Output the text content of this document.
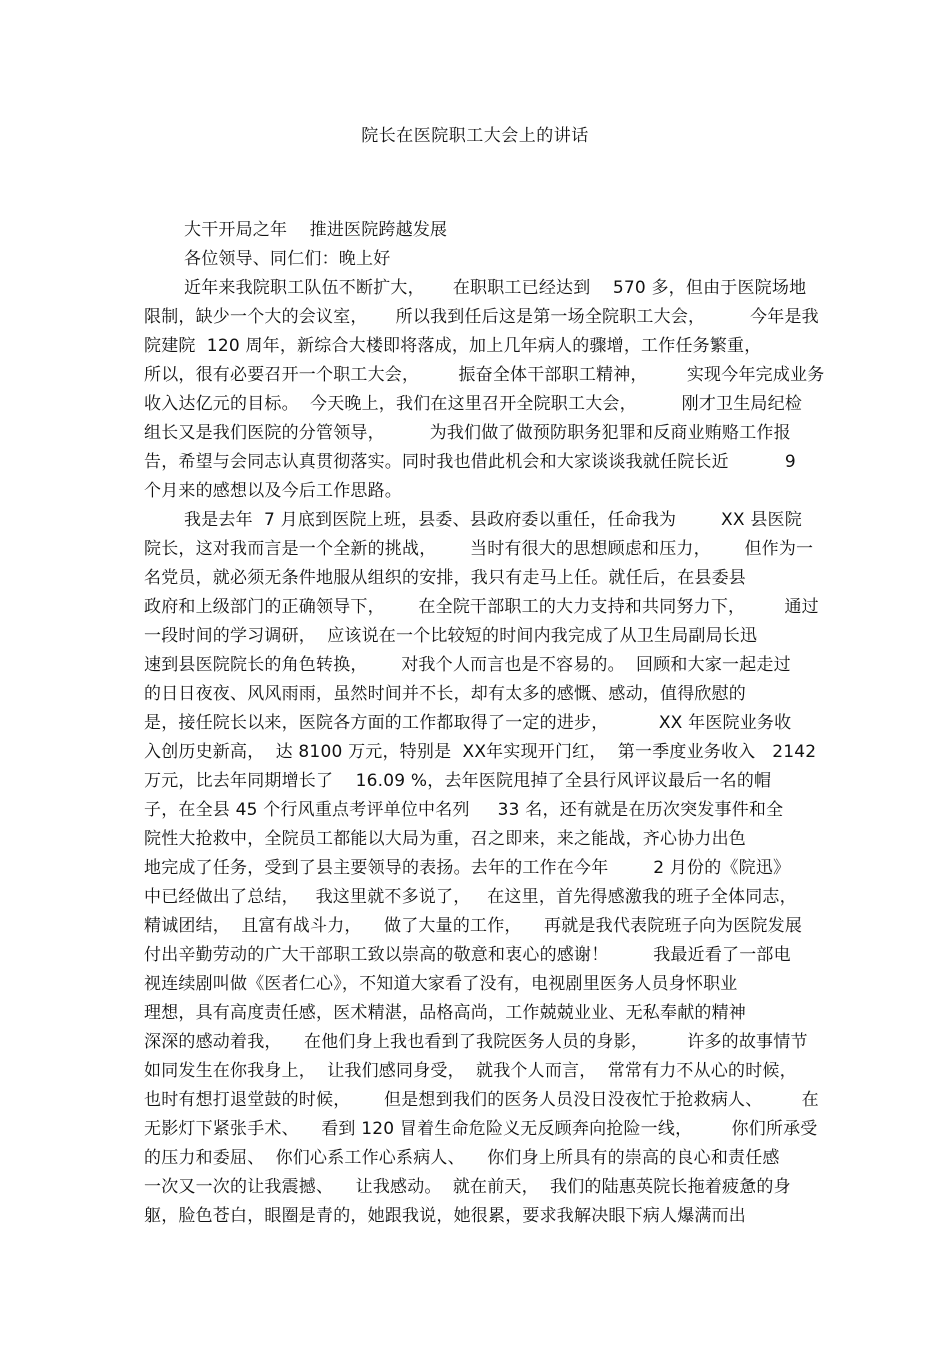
院长在医院职工大会上的讲话
大干开局之年    推进医院跨越发展
各位领导、同仁们：晚上好
近年来我院职工队伍不断扩大，     在职职工已经达到    570 多，但由于医院场地
限制，缺少一个大的会议室，     所以我到任后这是第一场全院职工大会，        今年是我
院建院  120 周年，新综合大楼即将落成，加上几年病人的骤增，工作任务繁重，
所以，很有必要召开一个职工大会，       振奋全体干部职工精神，       实现今年完成业务
收入达亿元的目标。  今天晚上，我们在这里召开全院职工大会，        刚才卫生局纪检
组长又是我们医院的分管领导，        为我们做了做预防职务犯罪和反商业贿赂工作报
告，希望与会同志认真贯彻落实。同时我也借此机会和大家谈谈我就任院长近          9
个月来的感想以及今后工作思路。
我是去年  7 月底到医院上班，县委、县政府委以重任，任命我为        XX 县医院
院长，这对我而言是一个全新的挑战，      当时有很大的思想顾虑和压力，      但作为一
名党员，就必须无条件地服从组织的安排，我只有走马上任。就任后，在县委县
政府和上级部门的正确领导下，      在全院干部职工的大力支持和共同努力下，       通过
一段时间的学习调研，  应该说在一个比较短的时间内我完成了从卫生局副局长迅
速到县医院院长的角色转换，      对我个人而言也是不容易的。  回顾和大家一起走过
的日日夜夜、风风雨雨，虽然时间并不长，却有太多的感慨、感动，值得欣慰的
是，接任院长以来，医院各方面的工作都取得了一定的进步，         XX 年医院业务收
入创历史新高，  达 8100 万元，特别是  XX年实现开门红，  第一季度业务收入   2142
万元，比去年同期增长了    16.09 %，去年医院甩掉了全县行风评议最后一名的帽
子，在全县 45 个行风重点考评单位中名列     33 名，还有就是在历次突发事件和全
院性大抢救中，全院员工都能以大局为重，召之即来，来之能战，齐心协力出色
地完成了任务，受到了县主要领导的表扬。去年的工作在今年        2 月份的《院迅》
中已经做出了总结，   我这里就不多说了，   在这里，首先得感激我的班子全体同志，
精诚团结，  且富有战斗力，    做了大量的工作，    再就是我代表院班子向为医院发展
付出辛勤劳动的广大干部职工致以崇高的敬意和衷心的感谢！        我最近看了一部电
视连续剧叫做《医者仁心》，不知道大家看了没有，电视剧里医务人员身怀职业
理想，具有高度责任感，医术精湛，品格高尚，工作兢兢业业、无私奉献的精神
深深的感动着我，    在他们身上我也看到了我院医务人员的身影，       许多的故事情节
如同发生在你我身上，  让我们感同身受，  就我个人而言，  常常有力不从心的时候，
也时有想打退堂鼓的时候，      但是想到我们的医务人员没日没夜忙于抢救病人、       在
无影灯下紧张手术、    看到 120 冒着生命危险义无反顾奔向抢险一线，       你们所承受
的压力和委屈、  你们心系工作心系病人、    你们身上所具有的崇高的良心和责任感
一次又一次的让我震撼、    让我感动。  就在前天，  我们的陆惠英院长拖着疲惫的身
躯，脸色苍白，眼圈是青的，她跟我说，她很累，要求我解决眼下病人爆满而出
